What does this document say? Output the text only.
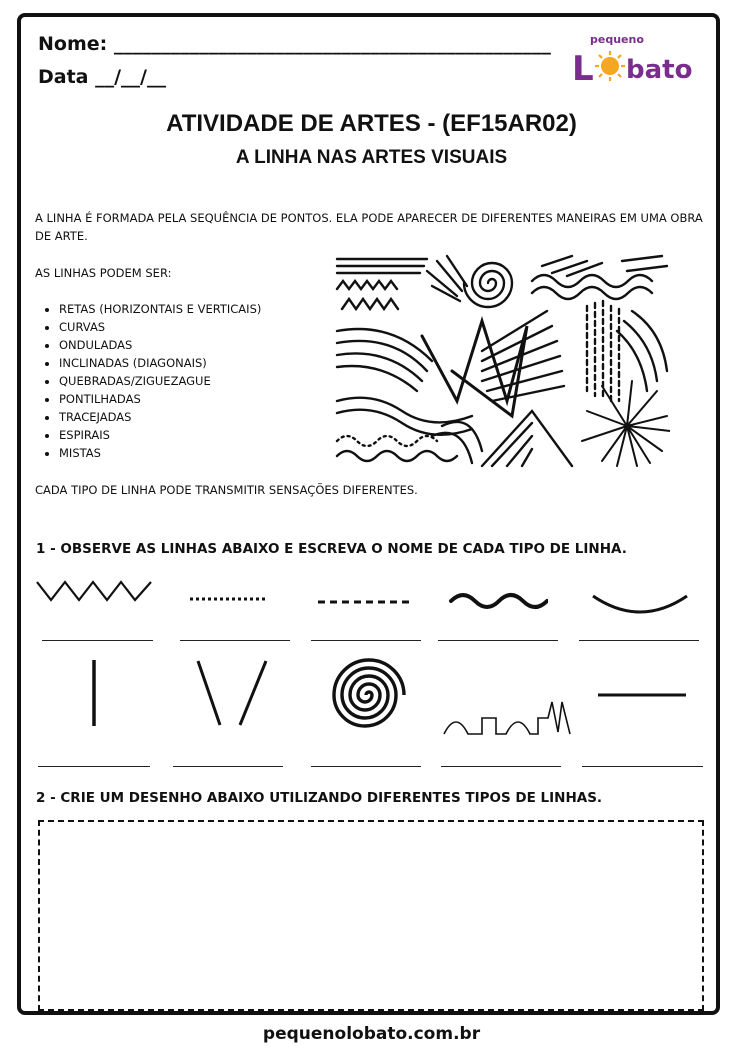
Nome: ______________________________________________
Data __/__/__
pequeno
L bato
ATIVIDADE DE ARTES - (EF15AR02)
A LINHA NAS ARTES VISUAIS
A LINHA É FORMADA PELA SEQUÊNCIA DE PONTOS. ELA PODE APARECER DE DIFERENTES MANEIRAS EM UMA OBRA DE ARTE.
AS LINHAS PODEM SER:
• RETAS (HORIZONTAIS E VERTICAIS)
• CURVAS
• ONDULADAS
• INCLINADAS (DIAGONAIS)
• QUEBRADAS/ZIGUEZAGUE
• PONTILHADAS
• TRACEJADAS
• ESPIRAIS
• MISTAS
CADA TIPO DE LINHA PODE TRANSMITIR SENSAÇÕES DIFERENTES.
1 - OBSERVE AS LINHAS ABAIXO E ESCREVA O NOME DE CADA TIPO DE LINHA.
2 - CRIE UM DESENHO ABAIXO UTILIZANDO DIFERENTES TIPOS DE LINHAS.
pequenolobato.com.br
